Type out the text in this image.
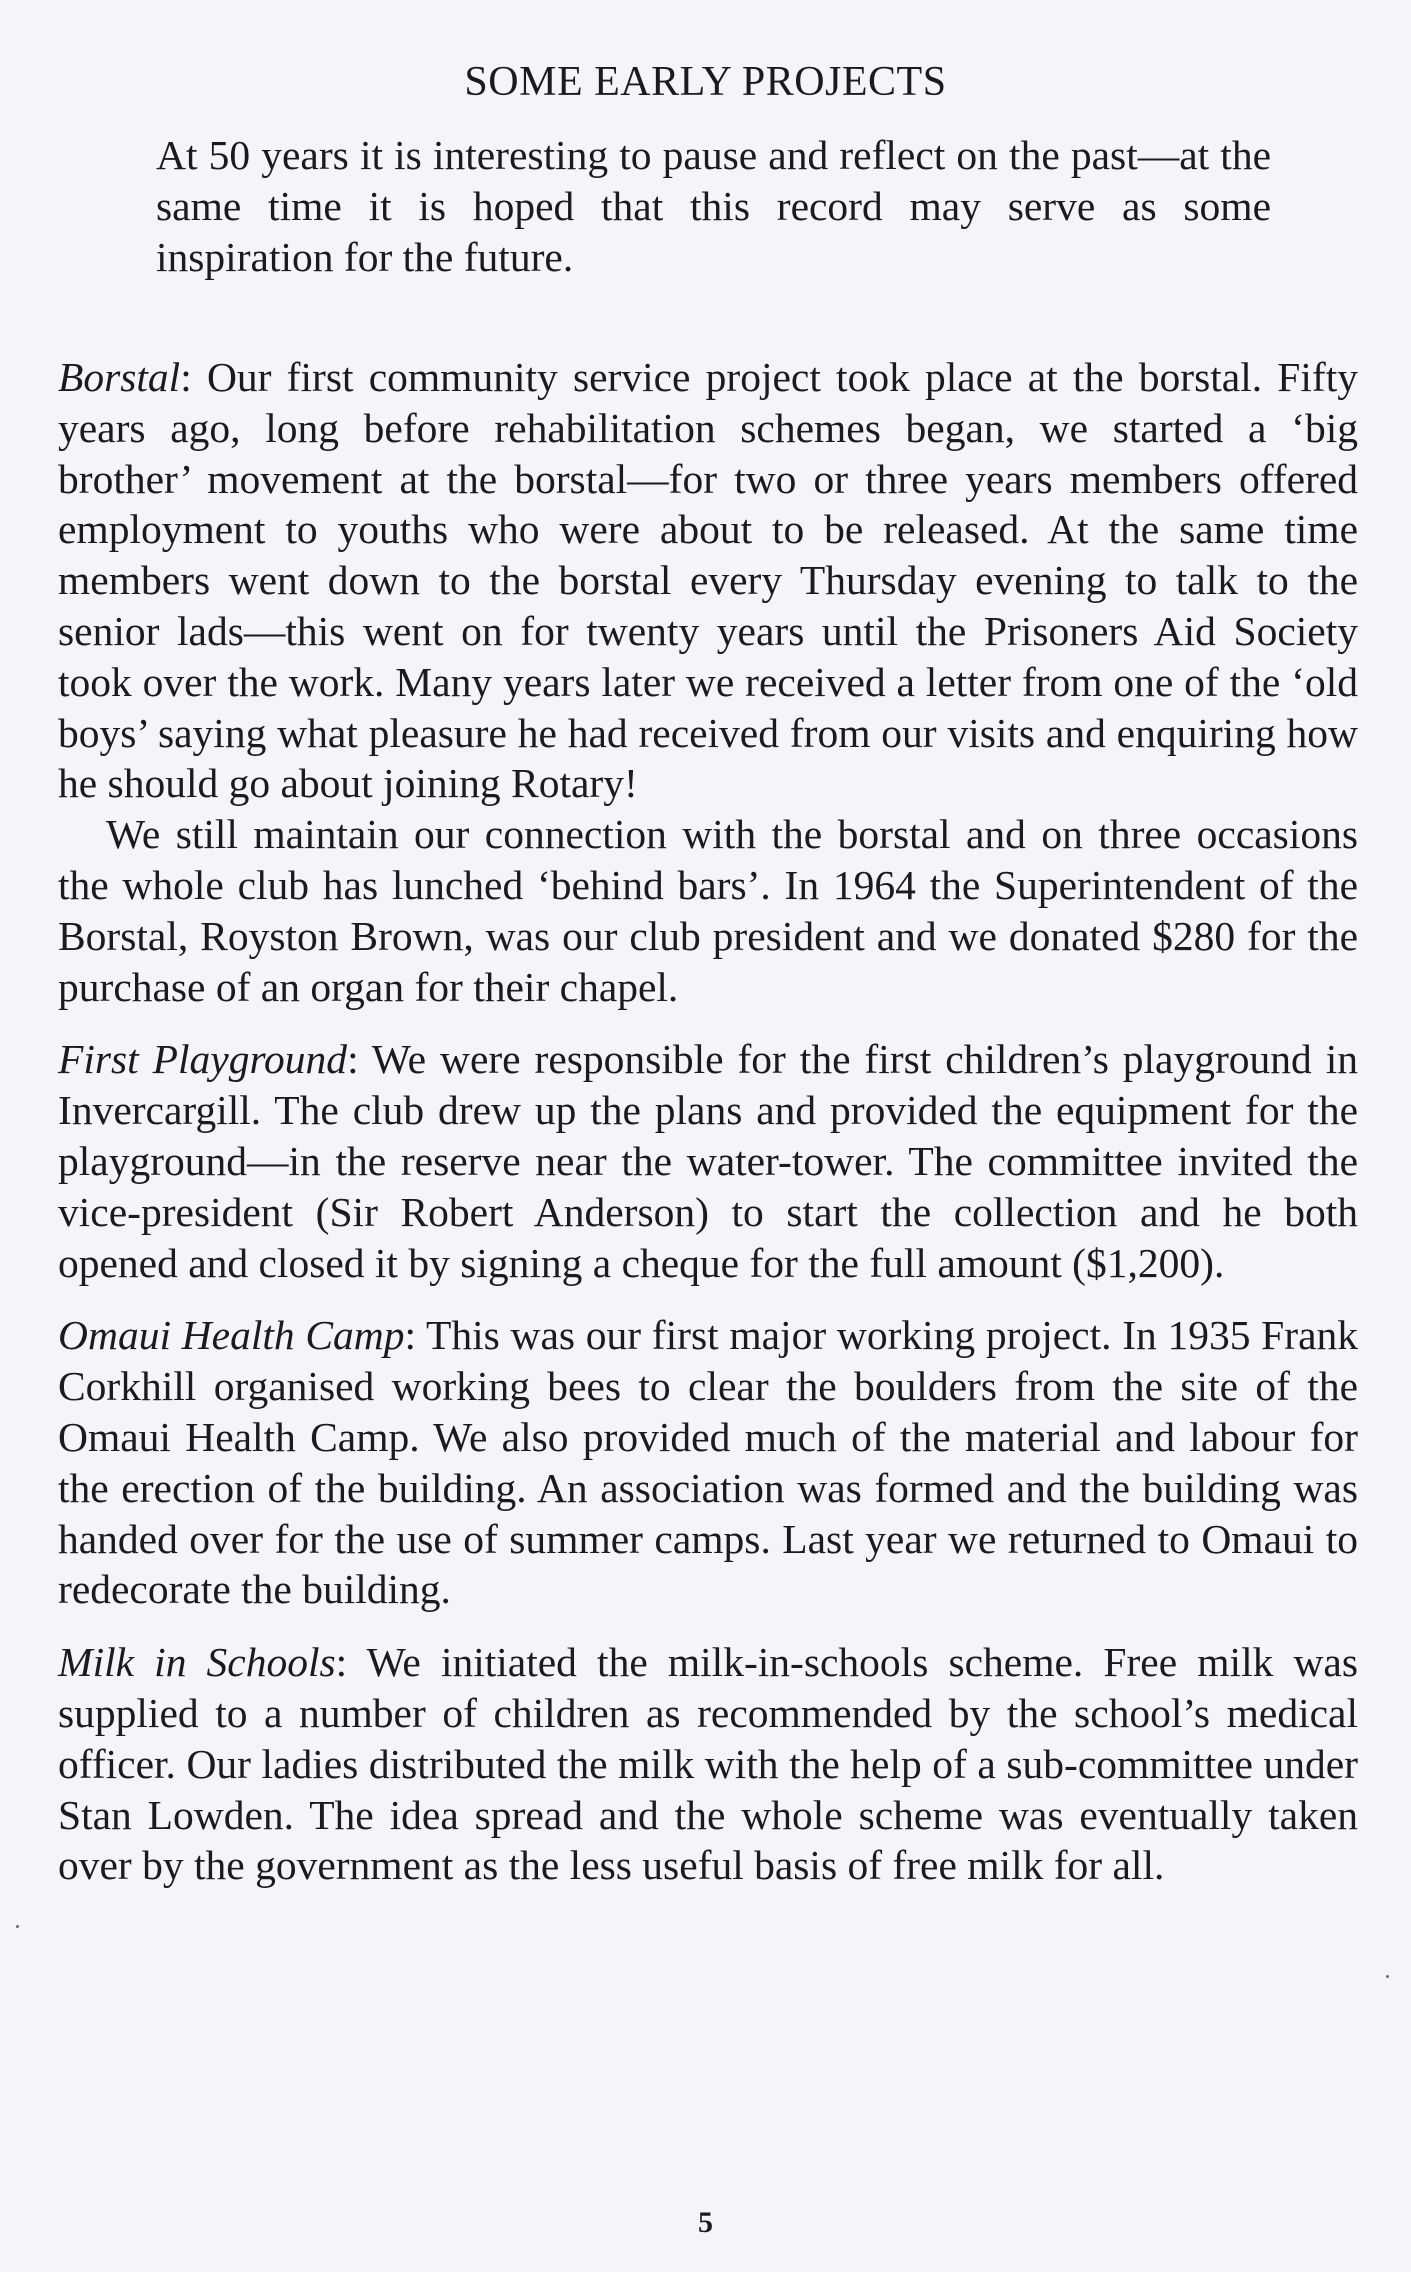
SOME EARLY PROJECTS

At 50 years it is interesting to pause and reflect on the past—at the same time it is hoped that this record may serve as some inspiration for the future.

Borstal: Our first community service project took place at the borstal. Fifty years ago, long before rehabilitation schemes began, we started a ‘big brother’ movement at the borstal—for two or three years members offered employment to youths who were about to be released. At the same time members went down to the borstal every Thursday evening to talk to the senior lads—this went on for twenty years until the Prisoners Aid Society took over the work. Many years later we received a letter from one of the ‘old boys’ saying what pleasure he had received from our visits and enquiring how he should go about joining Rotary!

We still maintain our connection with the borstal and on three occasions the whole club has lunched ‘behind bars’. In 1964 the Superintendent of the Borstal, Royston Brown, was our club president and we donated $280 for the purchase of an organ for their chapel.

First Playground: We were responsible for the first children’s playground in Invercargill. The club drew up the plans and provided the equipment for the playground—in the reserve near the water-tower. The committee invited the vice-president (Sir Robert Anderson) to start the collection and he both opened and closed it by signing a cheque for the full amount ($1,200).

Omaui Health Camp: This was our first major working project. In 1935 Frank Corkhill organised working bees to clear the boulders from the site of the Omaui Health Camp. We also provided much of the material and labour for the erection of the building. An association was formed and the building was handed over for the use of summer camps. Last year we returned to Omaui to redecorate the building.

Milk in Schools: We initiated the milk-in-schools scheme. Free milk was supplied to a number of children as recommended by the school’s medical officer. Our ladies distributed the milk with the help of a sub-committee under Stan Lowden. The idea spread and the whole scheme was eventually taken over by the government as the less useful basis of free milk for all.

5
